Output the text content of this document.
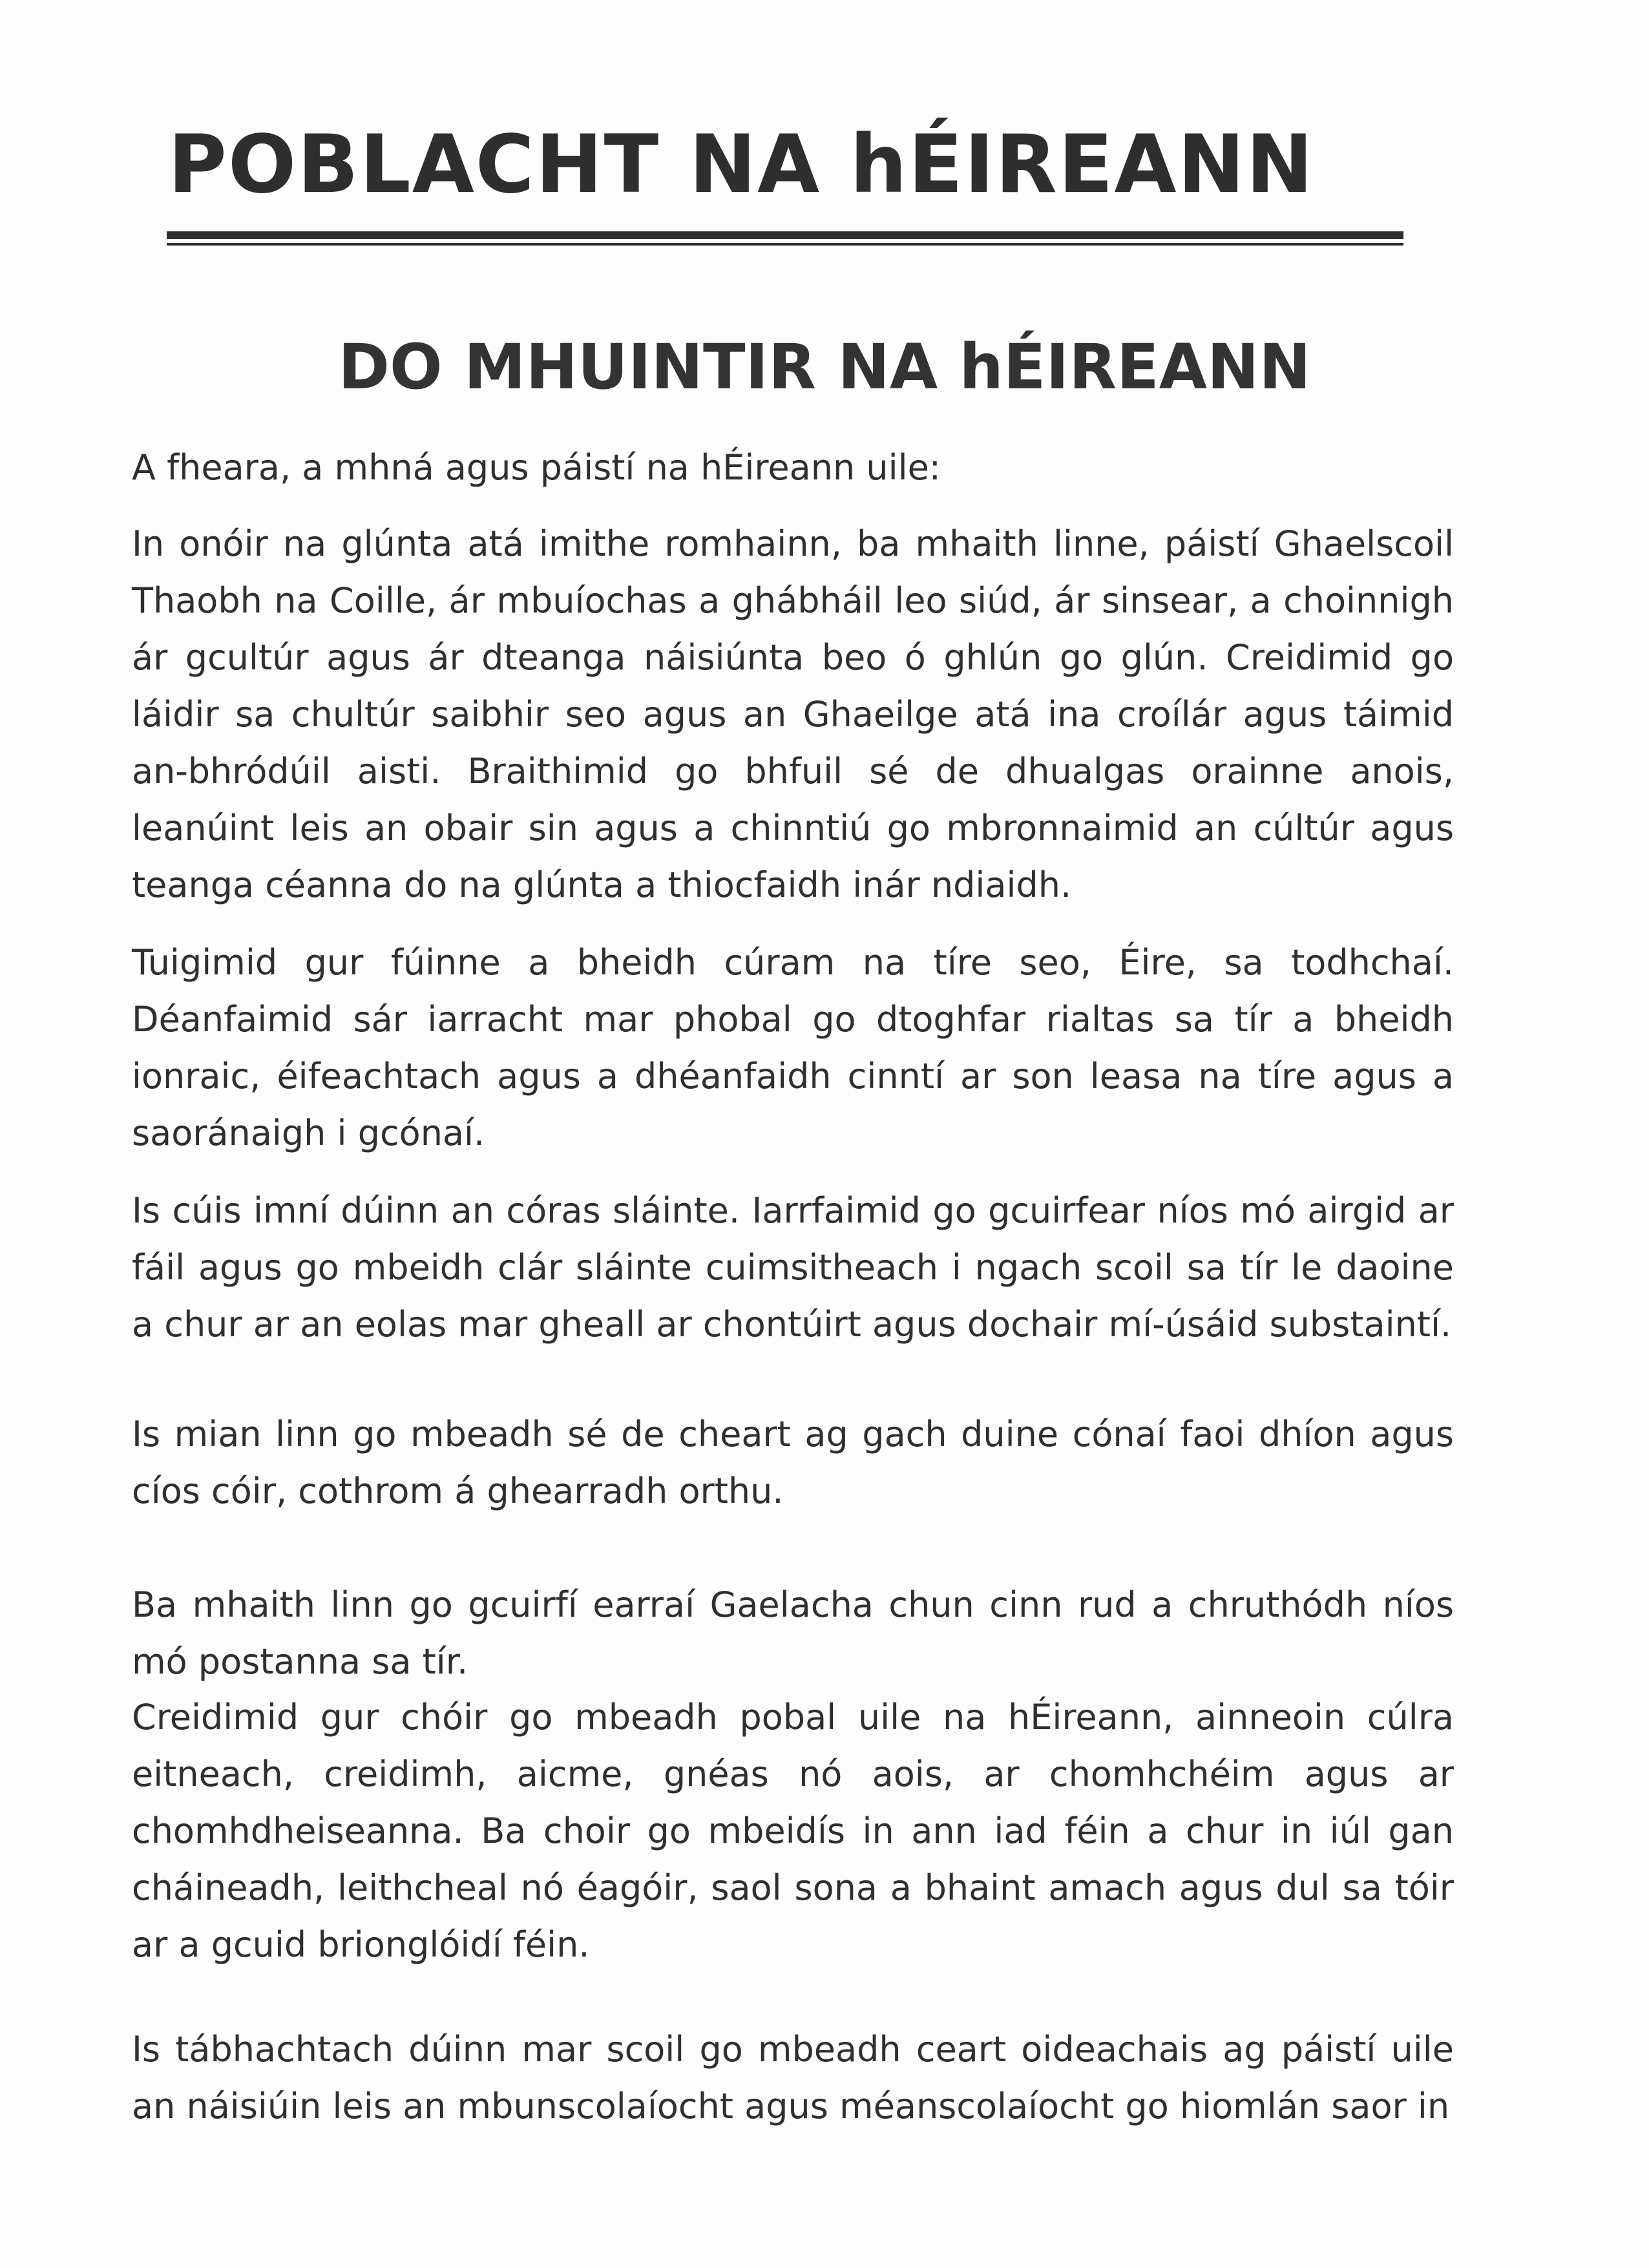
POBLACHT NA hÉIREANN
DO MHUINTIR NA hÉIREANN

A fheara, a mhná agus páistí na hÉireann uile:

In onóir na glúnta atá imithe romhainn, ba mhaith linne, páistí Ghaelscoil Thaobh na Coille, ár mbuíochas a ghábháil leo siúd, ár sinsear, a choinnigh ár gcultúr agus ár dteanga náisiúnta beo ó ghlún go glún. Creidimid go láidir sa chultúr saibhir seo agus an Ghaeilge atá ina croílár agus táimid an-bhródúil aisti. Braithimid go bhfuil sé de dhualgas orainne anois, leanúint leis an obair sin agus a chinntiú go mbronnaimid an cúltúr agus teanga céanna do na glúnta a thiocfaidh inár ndiaidh.

Tuigimid gur fúinne a bheidh cúram na tíre seo, Éire, sa todhchaí. Déanfaimid sár iarracht mar phobal go dtoghfar rialtas sa tír a bheidh ionraic, éifeachtach agus a dhéanfaidh cinntí ar son leasa na tíre agus a saoránaigh i gcónaí.

Is cúis imní dúinn an córas sláinte. Iarrfaimid go gcuirfear níos mó airgid ar fáil agus go mbeidh clár sláinte cuimsitheach i ngach scoil sa tír le daoine a chur ar an eolas mar gheall ar chontúirt agus dochair mí-úsáid substaintí.

Is mian linn go mbeadh sé de cheart ag gach duine cónaí faoi dhíon agus cíos cóir, cothrom á ghearradh orthu.

Ba mhaith linn go gcuirfí earraí Gaelacha chun cinn rud a chruthódh níos mó postanna sa tír.

Creidimid gur chóir go mbeadh pobal uile na hÉireann, ainneoin cúlra eitneach, creidimh, aicme, gnéas nó aois, ar chomhchéim agus ar chomhdheiseanna. Ba choir go mbeidís in ann iad féin a chur in iúl gan cháineadh, leithcheal nó éagóir, saol sona a bhaint amach agus dul sa tóir ar a gcuid brionglóidí féin.

Is tábhachtach dúinn mar scoil go mbeadh ceart oideachais ag páistí uile an náisiúin leis an mbunscolaíocht agus méanscolaíocht go hiomlán saor in
